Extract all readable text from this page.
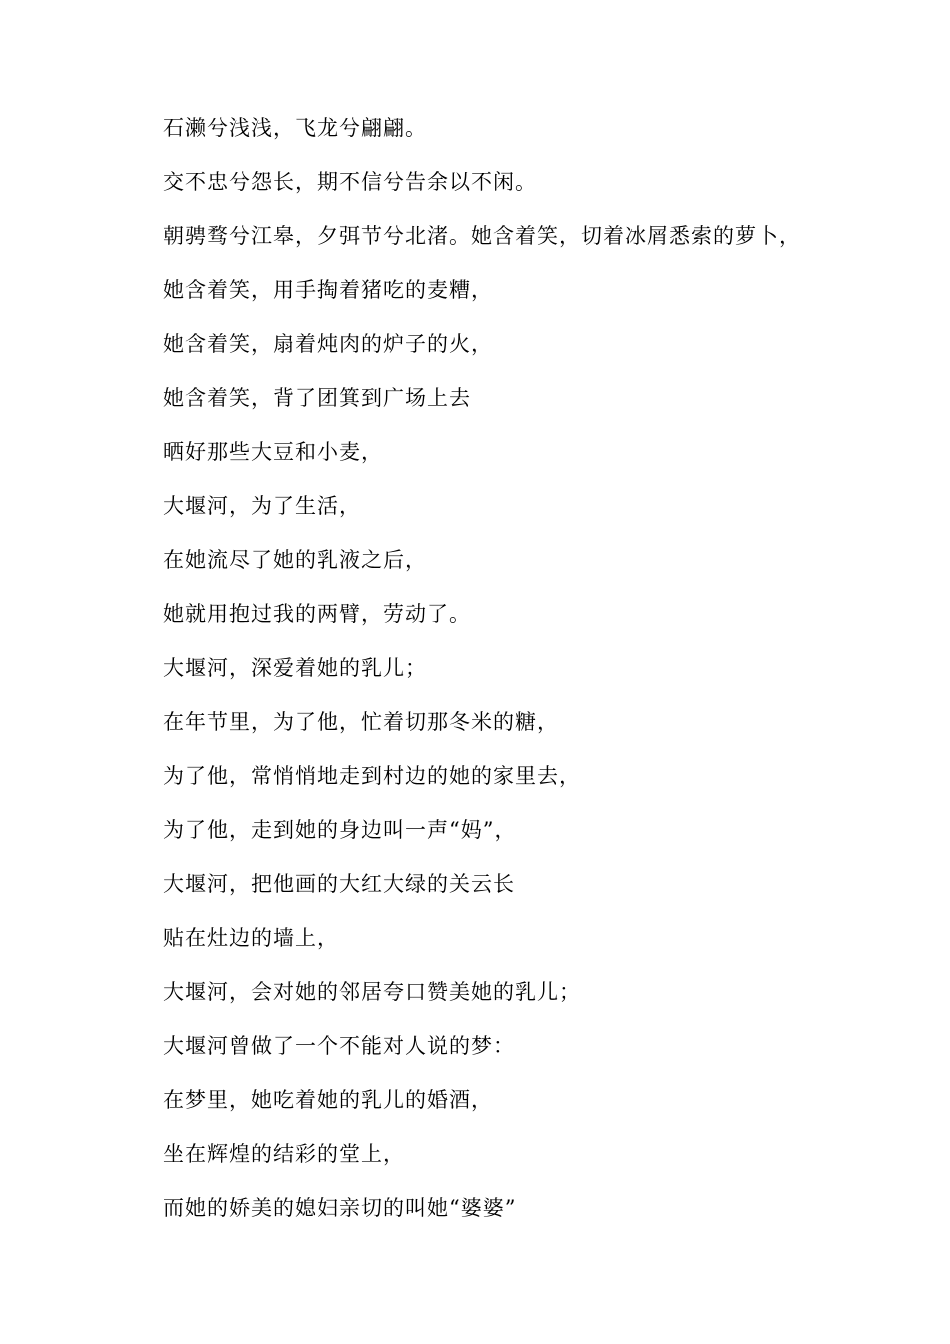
石濑兮浅浅，飞龙兮翩翩。
交不忠兮怨长，期不信兮告余以不闲。
朝骋骛兮江皋，夕弭节兮北渚。她含着笑，切着冰屑悉索的萝卜，
她含着笑，用手掏着猪吃的麦糟，
她含着笑，扇着炖肉的炉子的火，
她含着笑，背了团箕到广场上去
晒好那些大豆和小麦，
大堰河，为了生活，
在她流尽了她的乳液之后，
她就用抱过我的两臂，劳动了。
大堰河，深爱着她的乳儿；
在年节里，为了他，忙着切那冬米的糖，
为了他，常悄悄地走到村边的她的家里去，
为了他，走到她的身边叫一声“妈”，
大堰河，把他画的大红大绿的关云长
贴在灶边的墙上，
大堰河，会对她的邻居夸口赞美她的乳儿；
大堰河曾做了一个不能对人说的梦：
在梦里，她吃着她的乳儿的婚酒，
坐在辉煌的结彩的堂上，
而她的娇美的媳妇亲切的叫她“婆婆”
